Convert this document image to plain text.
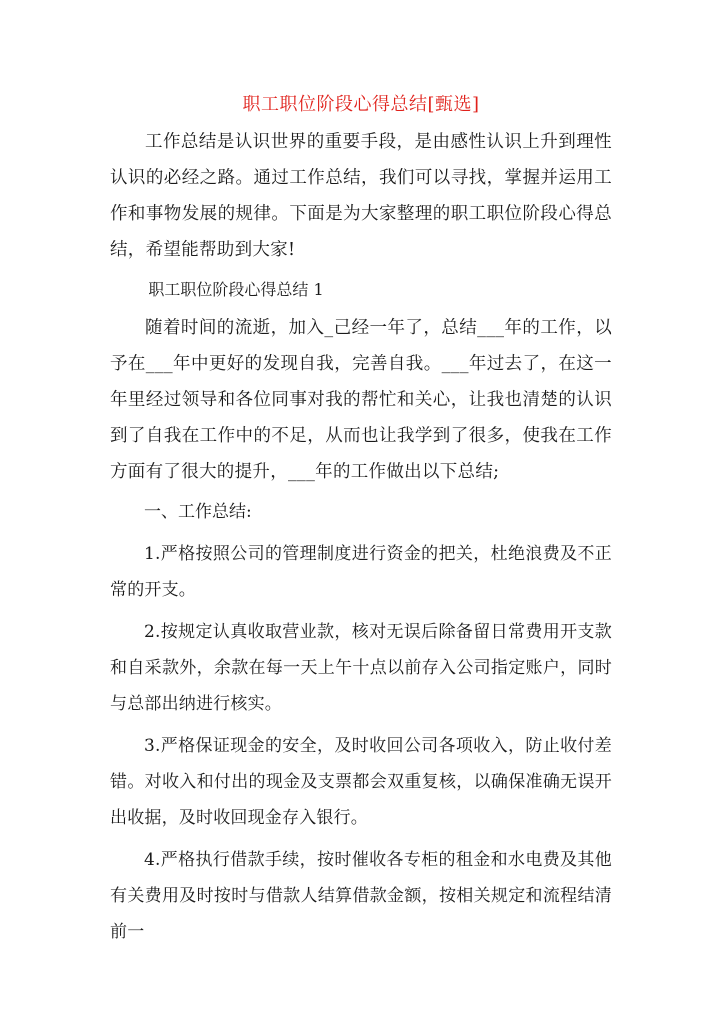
职工职位阶段心得总结[甄选]

工作总结是认识世界的重要手段，是由感性认识上升到理性认识的必经之路。通过工作总结，我们可以寻找，掌握并运用工作和事物发展的规律。下面是为大家整理的职工职位阶段心得总结，希望能帮助到大家!

职工职位阶段心得总结 1

随着时间的流逝，加入_己经一年了，总结___年的工作，以予在___年中更好的发现自我，完善自我。___年过去了，在这一年里经过领导和各位同事对我的帮忙和关心，让我也清楚的认识到了自我在工作中的不足，从而也让我学到了很多，使我在工作方面有了很大的提升，___年的工作做出以下总结;

一、工作总结:

1.严格按照公司的管理制度进行资金的把关，杜绝浪费及不正常的开支。

2.按规定认真收取营业款，核对无误后除备留日常费用开支款和自采款外，余款在每一天上午十点以前存入公司指定账户，同时与总部出纳进行核实。

3.严格保证现金的安全，及时收回公司各项收入，防止收付差错。对收入和付出的现金及支票都会双重复核，以确保准确无误开出收据，及时收回现金存入银行。

4.严格执行借款手续，按时催收各专柜的租金和水电费及其他有关费用及时按时与借款人结算借款金额，按相关规定和流程结清前一
